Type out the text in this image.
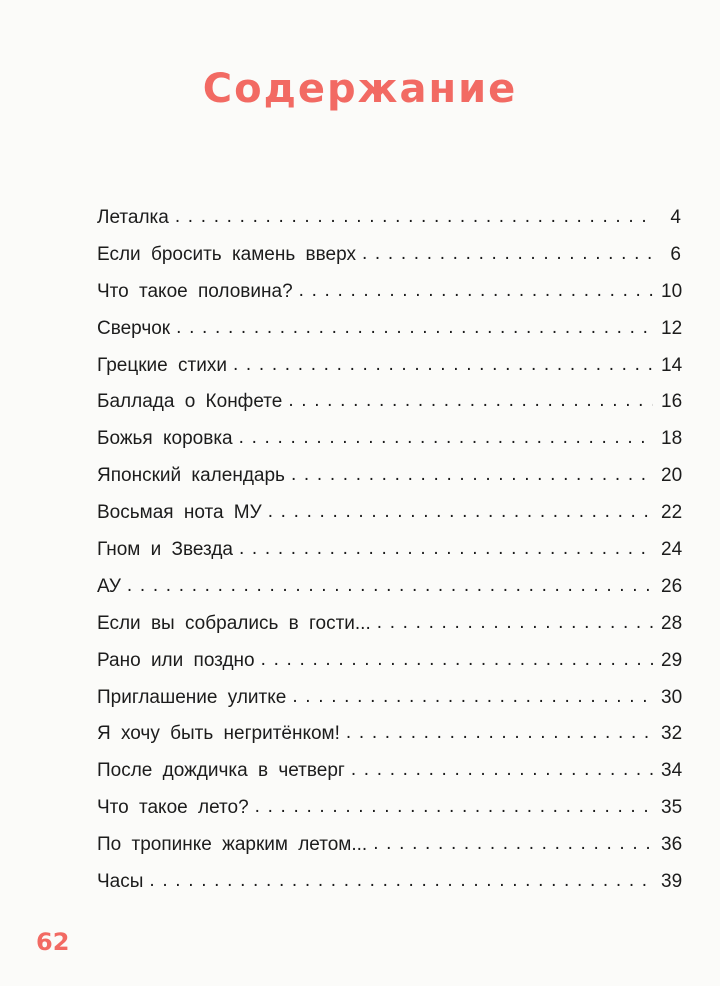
Содержание
Леталка . . .	4
Если бросить камень вверх . . .	6
Что такое половина? . . .	10
Сверчок . . .	12
Грецкие стихи . . .	14
Баллада о Конфете . . .	16
Божья коровка . . .	18
Японский календарь . . .	20
Восьмая нота МУ . . .	22
Гном и Звезда . . .	24
АУ . . .	26
Если вы собрались в гости... . . .	28
Рано или поздно . . .	29
Приглашение улитке . . .	30
Я хочу быть негритёнком! . . .	32
После дождичка в четверг . . .	34
Что такое лето? . . .	35
По тропинке жарким летом... . . .	36
Часы . . .	39
62
